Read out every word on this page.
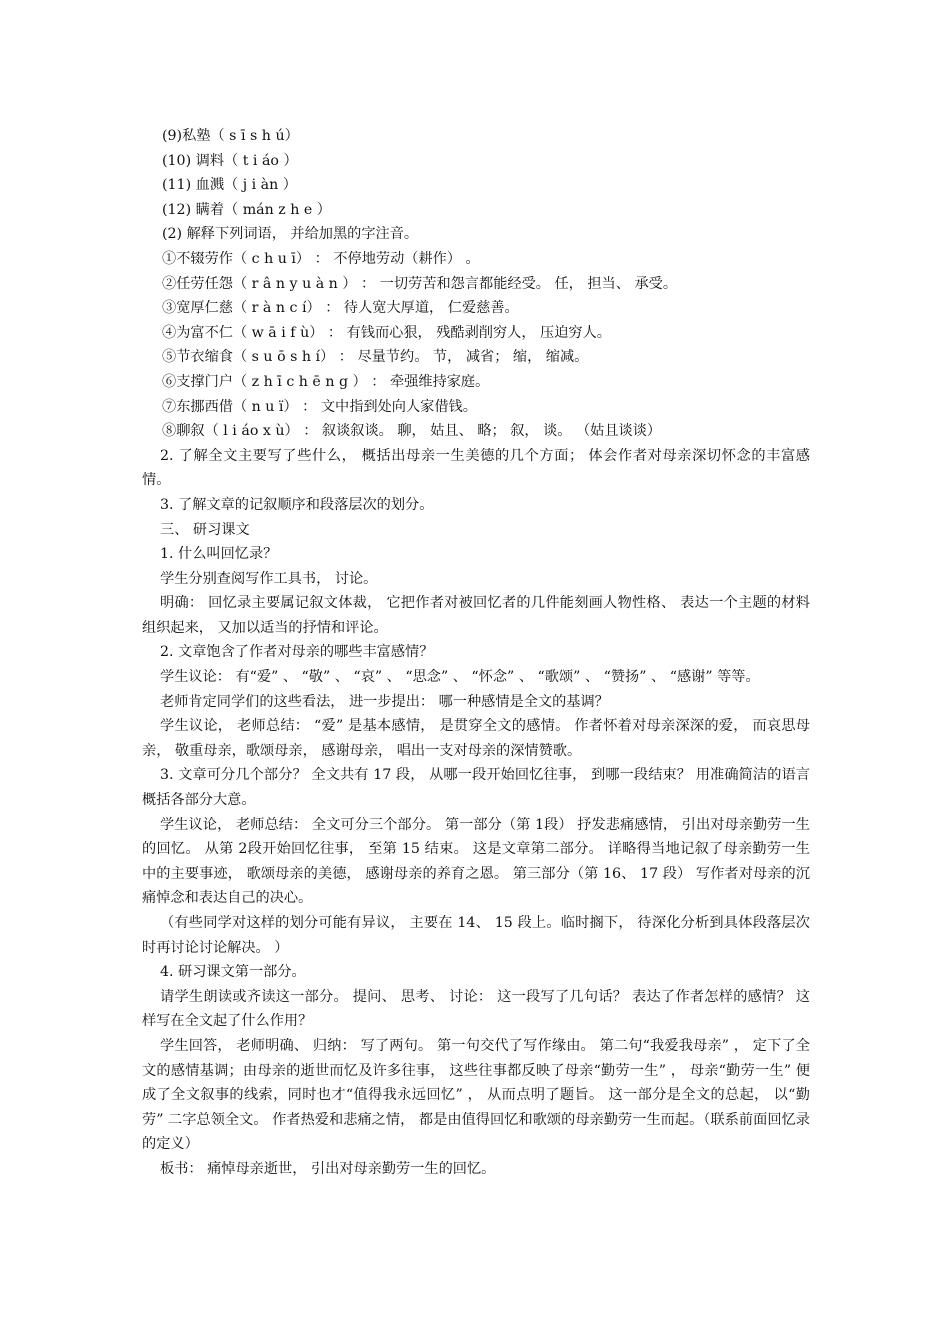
(9)私塾（ s ī s h ú）
(10) 调料（ t i áo ）
(11) 血溅（ j i àn ）
(12) 瞒着（ mán z h e ）
(2) 解释下列词语， 并给加黑的字注音。
①不辍劳作（ c h u ī） ： 不停地劳动（耕作） 。
②任劳任怨（ r â n y u à n ） ： 一切劳苦和怨言都能经受。 任， 担当、 承受。
③宽厚仁慈（ r à n c í） ： 待人宽大厚道， 仁爱慈善。
④为富不仁（ w ā i f ù） ： 有钱而心狠， 残酷剥削穷人， 压迫穷人。
⑤节衣缩食（ s u ō s h í） ： 尽量节约。 节， 减省； 缩， 缩减。
⑥支撑门户（ z h ī c h ē n g ） ： 牵强维持家庭。
⑦东挪西借（ n u ï） ： 文中指到处向人家借钱。
⑧聊叙（ l i áo x ù） ： 叙谈叙谈。 聊， 姑且、 略； 叙， 谈。 （姑且谈谈）
2. 了解全文主要写了些什么， 概括出母亲一生美德的几个方面； 体会作者对母亲深切怀念的丰富感情。
3. 了解文章的记叙顺序和段落层次的划分。
三、 研习课文
1. 什么叫回忆录？
学生分别查阅写作工具书， 讨论。
明确： 回忆录主要属记叙文体裁， 它把作者对被回忆者的几件能刻画人物性格、 表达一个主题的材料组织起来， 又加以适当的抒情和评论。
2. 文章饱含了作者对母亲的哪些丰富感情？
学生议论： 有“爱” 、 “敬” 、 “哀” 、 “思念” 、 “怀念” 、 “歌颂” 、 “赞扬” 、 “感谢” 等等。
老师肯定同学们的这些看法， 进一步提出： 哪一种感情是全文的基调？
学生议论， 老师总结： “爱” 是基本感情， 是贯穿全文的感情。 作者怀着对母亲深深的爱， 而哀思母亲， 敬重母亲，歌颂母亲， 感谢母亲， 唱出一支对母亲的深情赞歌。
3. 文章可分几个部分？ 全文共有 17 段， 从哪一段开始回忆往事， 到哪一段结束？ 用准确简洁的语言概括各部分大意。
学生议论， 老师总结： 全文可分三个部分。 第一部分（第 1段） 抒发悲痛感情， 引出对母亲勤劳一生的回忆。 从第 2段开始回忆往事， 至第 15 结束。 这是文章第二部分。 详略得当地记叙了母亲勤劳一生中的主要事迹， 歌颂母亲的美德， 感谢母亲的养育之恩。 第三部分（第 16、 17 段） 写作者对母亲的沉痛悼念和表达自己的决心。
（有些同学对这样的划分可能有异议， 主要在 14、 15 段上。临时搁下， 待深化分析到具体段落层次时再讨论讨论解决。 ）
4. 研习课文第一部分。
请学生朗读或齐读这一部分。 提问、 思考、 讨论： 这一段写了几句话？ 表达了作者怎样的感情？ 这样写在全文起了什么作用？
学生回答， 老师明确、 归纳： 写了两句。 第一句交代了写作缘由。 第二句“我爱我母亲” ， 定下了全文的感情基调；由母亲的逝世而忆及许多往事， 这些往事都反映了母亲“勤劳一生” ， 母亲“勤劳一生” 便成了全文叙事的线索，同时也才“值得我永远回忆” ， 从而点明了题旨。 这一部分是全文的总起， 以“勤劳” 二字总领全文。 作者热爱和悲痛之情， 都是由值得回忆和歌颂的母亲勤劳一生而起。（联系前面回忆录的定义）
板书： 痛悼母亲逝世， 引出对母亲勤劳一生的回忆。
